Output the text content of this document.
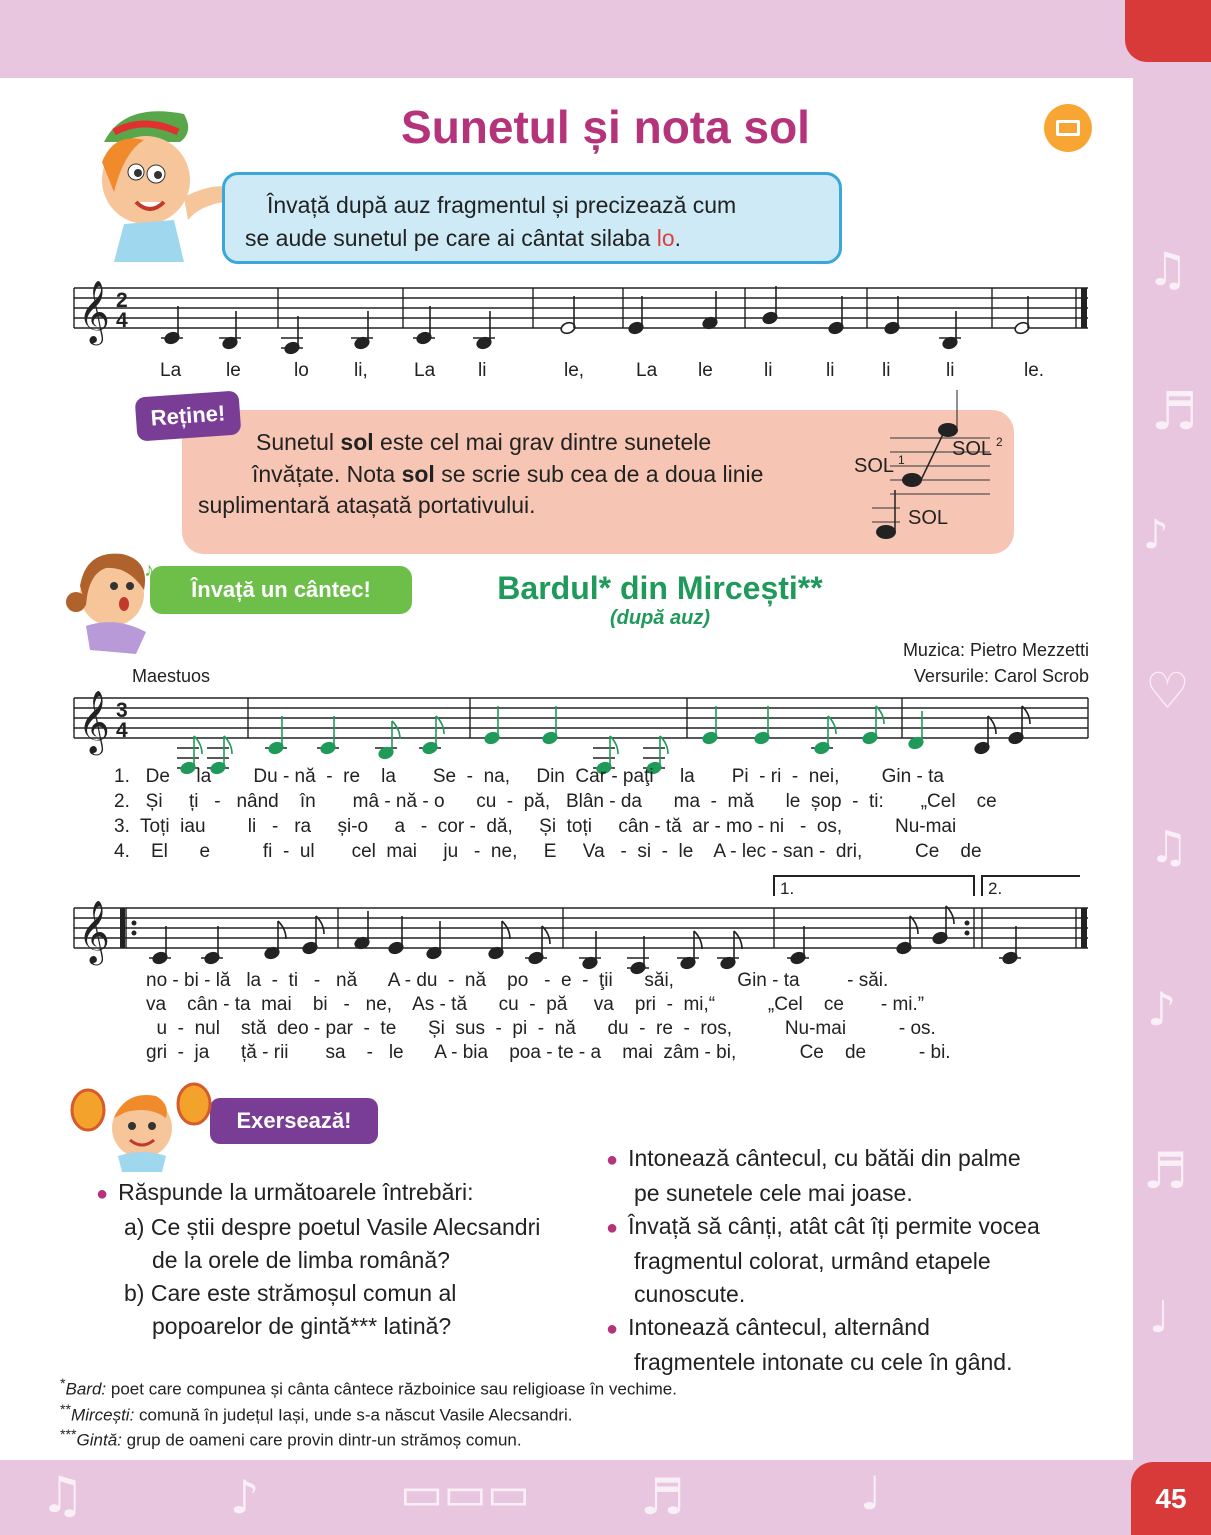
♫
♬
♪
♡
♫
♪
♬
♩
♫	♪	▭▭▭ ♬	♩	45
Sunetul și nota sol
Învață după auz fragmentul și precizează cum
se aude sunetul pe care ai cântat silaba lo.
𝄞 2
4
La le	lo li, La li	le,	La le	li	li	li	li	le.
Reține!
Sunetul sol este cel mai grav dintre sunetele
învățate. Nota sol se scrie sub cea de a doua linie
suplimentară atașată portativului.
SOL 1 SOL 2
SOL
Învață un cântec!
♪	Bardul* din Mircești**
(după auz)
Muzica: Pietro Mezzetti
Versurile: Carol Scrob
Maestuos
𝄞 3
4
1.   De     la        Du - nă  -  re    la       Se  -  na,     Din  Car - paţi     la       Pi  - ri  -  nei,        Gin - ta
2.   Și     ți   -   nând    în       mâ - nă - o      cu  -  pă,   Blân - da      ma  -  mă      le  șop  -  ti:       „Cel    ce
3.  Toți  iau        li   -   ra     și-o     a   -  cor -  dă,     Și  toți     cân - tă  ar - mo - ni   -  os,          Nu-mai
4.    El      e          fi  -  ul       cel  mai     ju   -  ne,     E     Va   -  si  -  le    A - lec - san -  dri,          Ce    de
1.	2.
𝄞
no - bi - lă   la  -  ti   -   nă      A - du  -  nă    po   -  e  -  ţii      săi,            Gin - ta         - săi.
va    cân - ta  mai    bi   -   ne,    As - tă      cu  -  pă     va    pri  -  mi,“          „Cel    ce       - mi.”
u  -  nul    stă  deo - par  -  te      Și  sus  -  pi  -  nă      du  -  re  -  ros,          Nu-mai          - os.
gri  -  ja      ță - rii       sa    -   le      A - bia    poa - te - a    mai  zâm - bi,            Ce    de          - bi.
Exersează!
● Răspunde la următoarele întrebări:
a) Ce știi despre poetul Vasile Alecsandri
de la orele de limba română?
b) Care este strămoșul comun al
popoarelor de gintă*** latină?
● Intonează cântecul, cu bătăi din palme
pe sunetele cele mai joase.
● Învață să cânți, atât cât îți permite vocea
fragmentul colorat, urmând etapele
cunoscute.
● Intonează cântecul, alternând
fragmentele intonate cu cele în gând.
*Bard: poet care compunea și cânta cântece războinice sau religioase în vechime.
**Mircești: comună în județul Iași, unde s-a născut Vasile Alecsandri.
***Gintă: grup de oameni care provin dintr-un strămoș comun.
